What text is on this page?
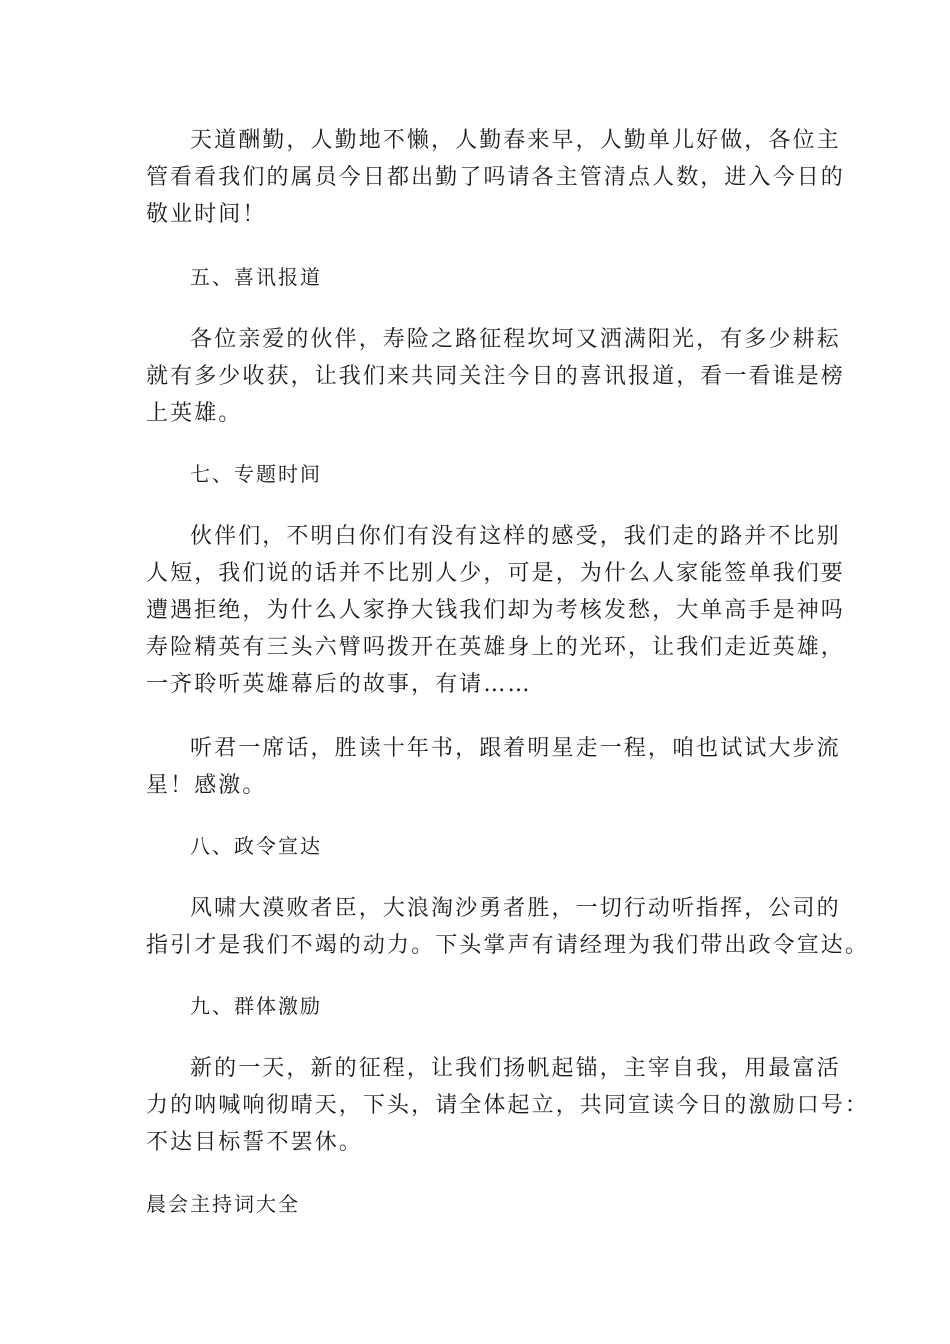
天道酬勤，人勤地不懒，人勤春来早，人勤单儿好做，各位主
管看看我们的属员今日都出勤了吗请各主管清点人数，进入今日的
敬业时间！
五、喜讯报道
各位亲爱的伙伴，寿险之路征程坎坷又洒满阳光，有多少耕耘
就有多少收获，让我们来共同关注今日的喜讯报道，看一看谁是榜
上英雄。
七、专题时间
伙伴们，不明白你们有没有这样的感受，我们走的路并不比别
人短，我们说的话并不比别人少，可是，为什么人家能签单我们要
遭遇拒绝，为什么人家挣大钱我们却为考核发愁，大单高手是神吗
寿险精英有三头六臂吗拨开在英雄身上的光环，让我们走近英雄，
一齐聆听英雄幕后的故事，有请……
听君一席话，胜读十年书，跟着明星走一程，咱也试试大步流
星！感激。
八、政令宣达
风啸大漠败者臣，大浪淘沙勇者胜，一切行动听指挥，公司的
指引才是我们不竭的动力。下头掌声有请经理为我们带出政令宣达。
九、群体激励
新的一天，新的征程，让我们扬帆起锚，主宰自我，用最富活
力的呐喊响彻晴天，下头，请全体起立，共同宣读今日的激励口号：
不达目标誓不罢休。
晨会主持词大全
